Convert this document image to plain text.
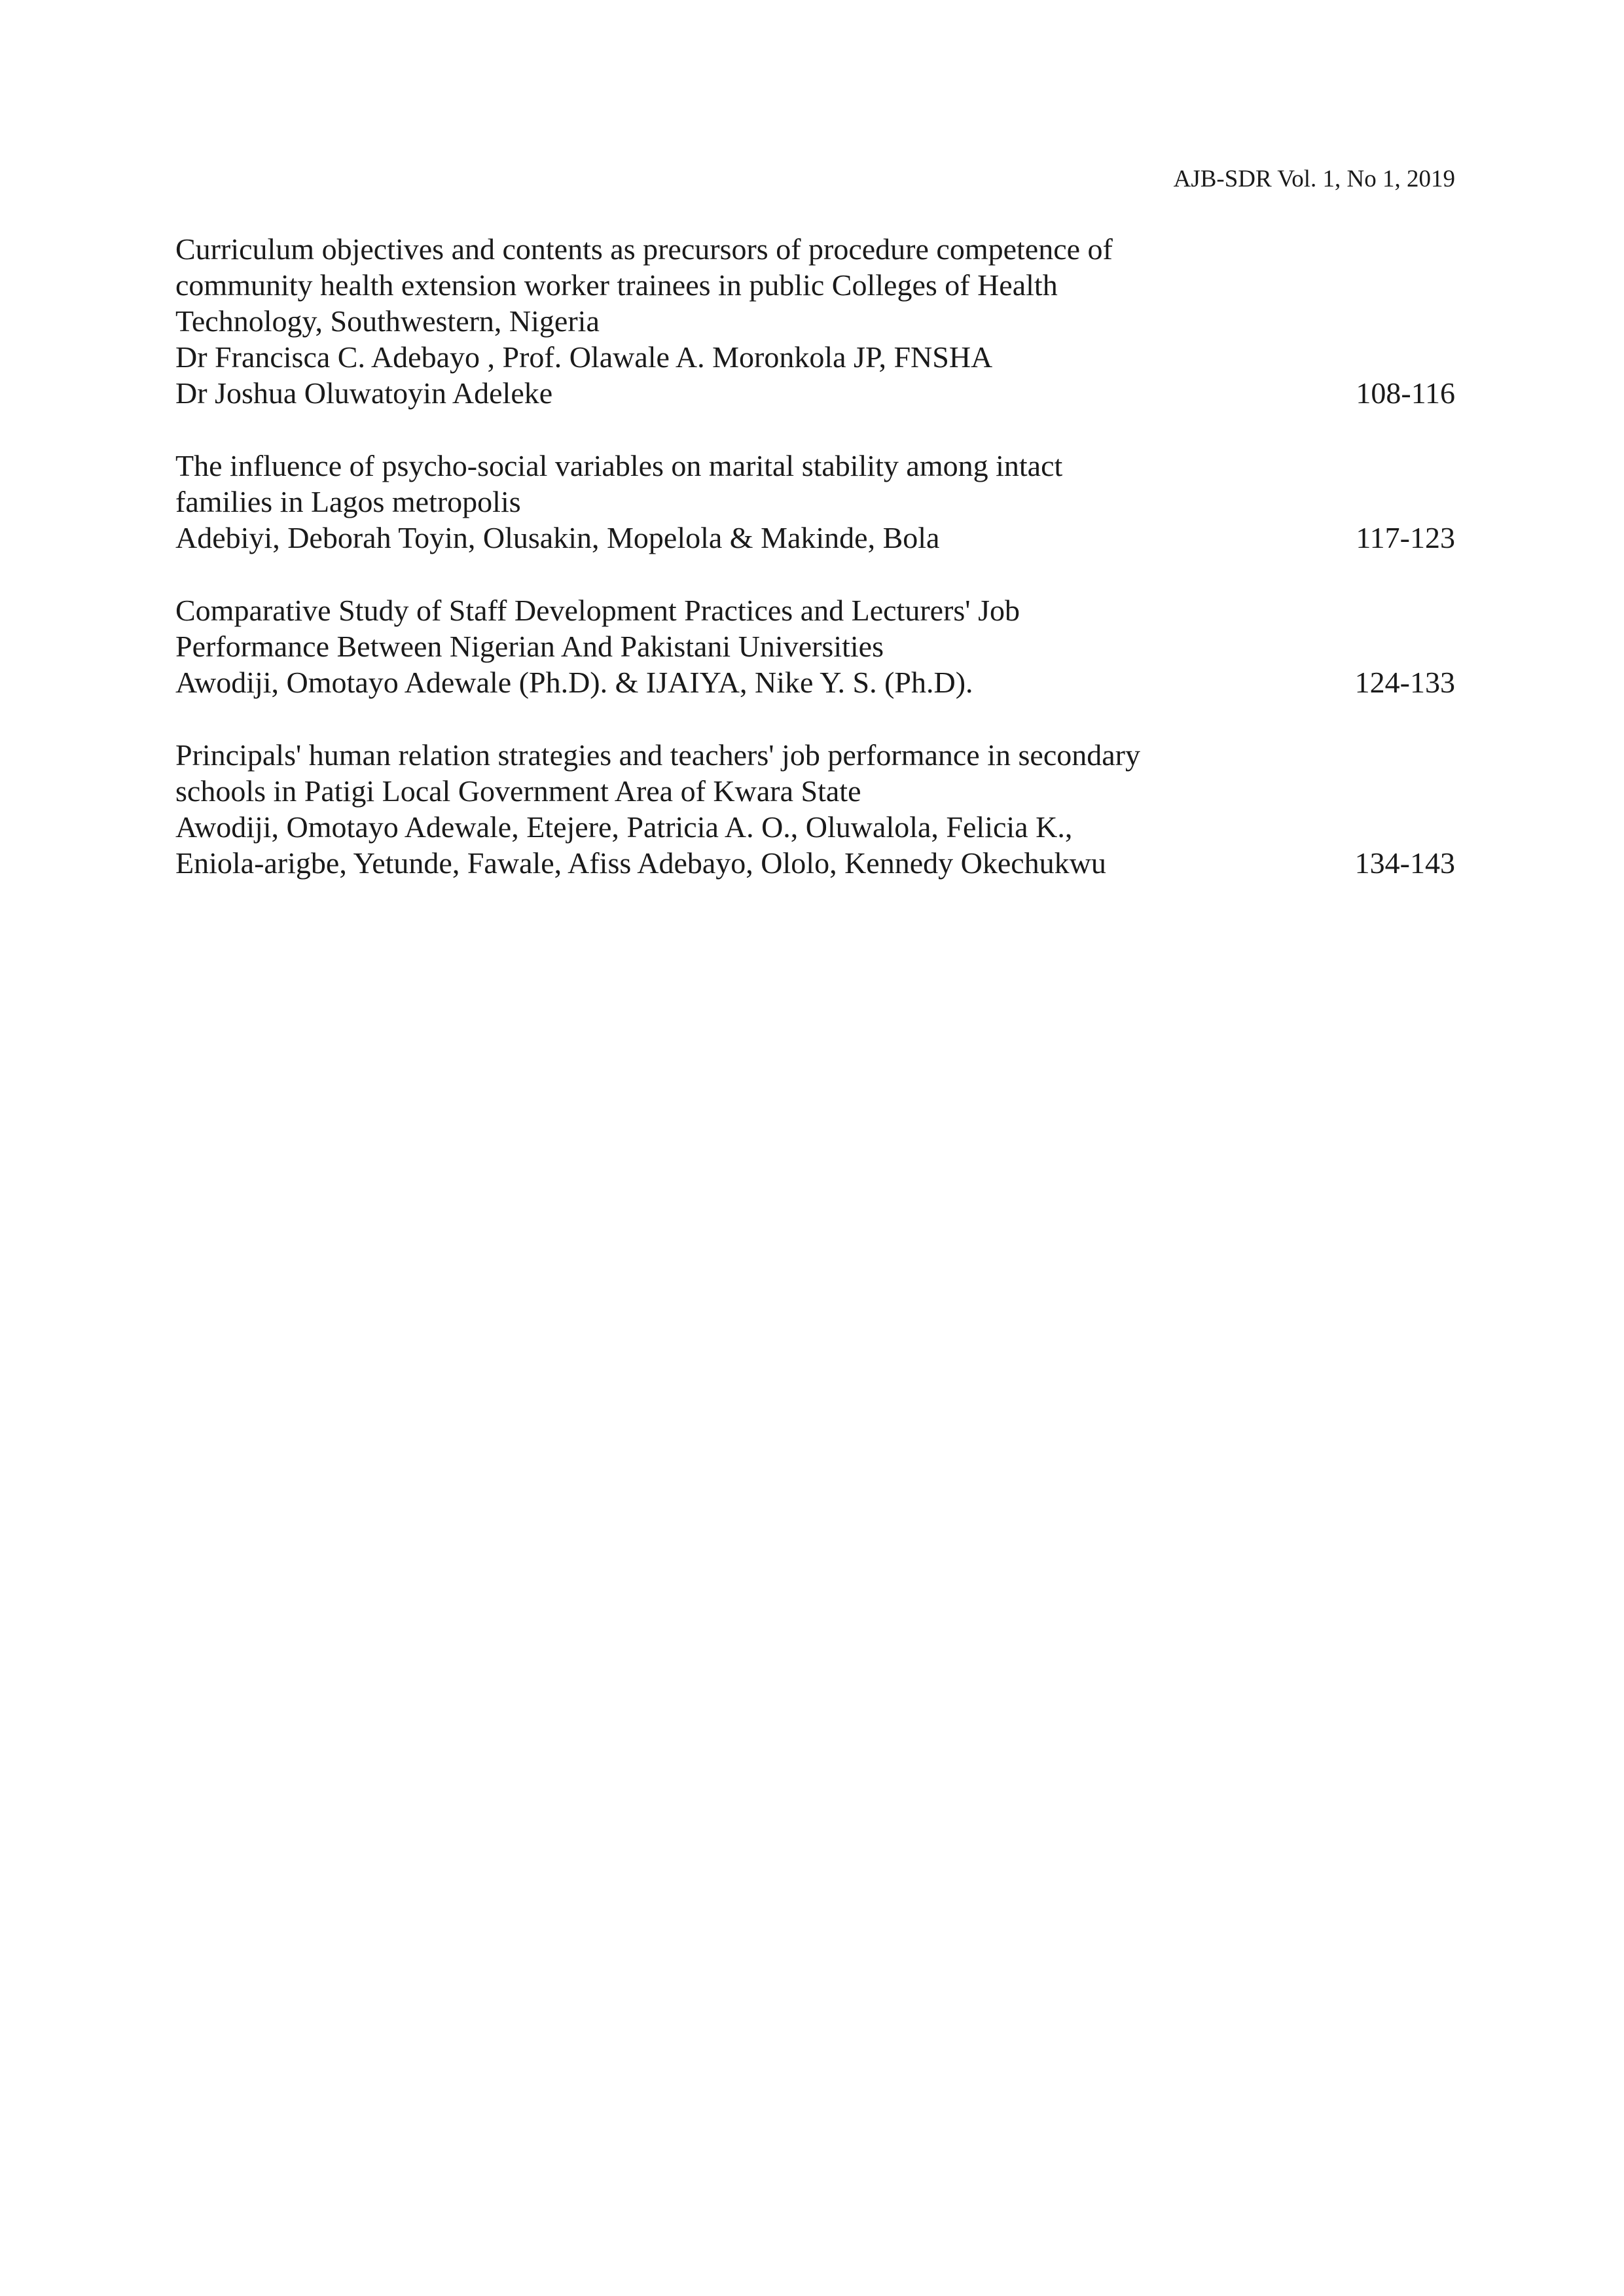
AJB-SDR Vol. 1, No 1, 2019
Curriculum objectives and contents as precursors of procedure competence of
community health extension worker trainees in public Colleges of Health
Technology, Southwestern, Nigeria
Dr Francisca C. Adebayo , Prof. Olawale A. Moronkola JP, FNSHA
Dr Joshua Oluwatoyin Adeleke	108-116
The influence of psycho-social variables on marital stability among intact
families in Lagos metropolis
Adebiyi, Deborah Toyin, Olusakin, Mopelola & Makinde, Bola	117-123
Comparative Study of Staff Development Practices and Lecturers' Job
Performance Between Nigerian And Pakistani Universities
Awodiji, Omotayo Adewale (Ph.D). & IJAIYA, Nike Y. S. (Ph.D).	124-133
Principals' human relation strategies and teachers' job performance in secondary
schools in Patigi Local Government Area of Kwara State
Awodiji, Omotayo Adewale, Etejere, Patricia A. O., Oluwalola, Felicia K.,
Eniola-arigbe, Yetunde, Fawale, Afiss Adebayo, Ololo, Kennedy Okechukwu	134-143
